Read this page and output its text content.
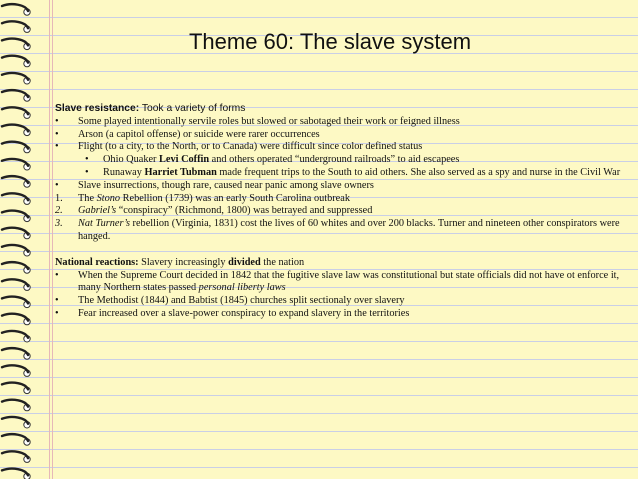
Theme 60: The slave system
Slave resistance: Took a variety of forms
• Some played intentionally servile roles but slowed or sabotaged their work or feigned illness
• Arson (a capitol offense) or suicide were rarer occurrences
• Flight (to a city, to the North, or to Canada) were difficult since color defined status
• Ohio Quaker Levi Coffin and others operated “underground railroads” to aid escapees
• Runaway Harriet Tubman made frequent trips to the South to aid others. She also served as a spy and nurse in the Civil War
• Slave insurrections, though rare, caused near panic among slave owners
1. The Stono Rebellion (1739) was an early South Carolina outbreak
2. Gabriel’s “conspiracy” (Richmond, 1800) was betrayed and suppressed
3. Nat Turner’s rebellion (Virginia, 1831) cost the lives of 60 whites and over 200 blacks. Turner and nineteen other conspirators were hanged.
National reactions: Slavery increasingly divided the nation
• When the Supreme Court decided in 1842 that the fugitive slave law was constitutional but state officials did not have ot enforce it, many Northern states passed personal liberty laws
• The Methodist (1844) and Babtist (1845) churches split sectionaly over slavery
• Fear increased over a slave-power conspiracy to expand slavery in the territories
